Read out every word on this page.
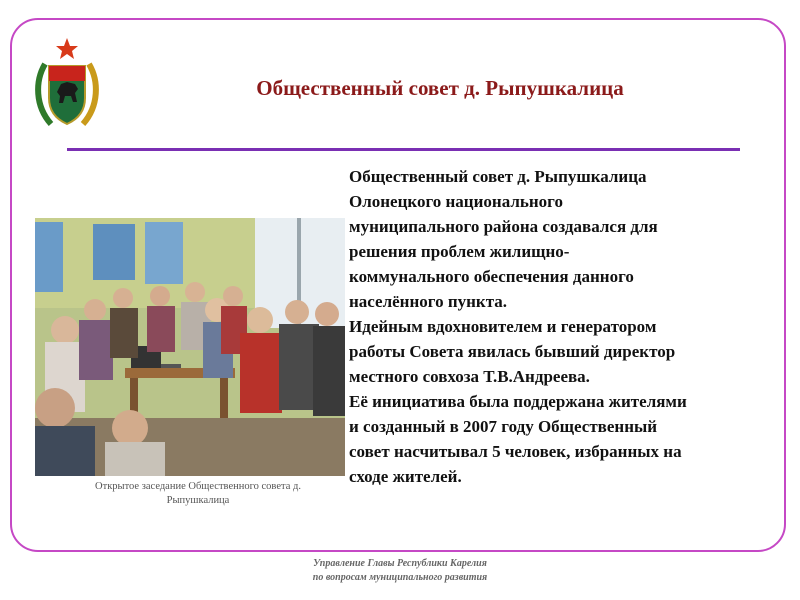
Общественный совет д. Рыпушкалица
Открытое заседание Общественного совета д. Рыпушкалица
Общественный совет д. Рыпушкалица
Олонецкого национального
муниципального района создавался для
решения проблем жилищно-
коммунального обеспечения данного
населённого пункта.
Идейным вдохновителем и генератором
работы Совета явилась бывший директор
местного совхоза Т.В.Андреева.
Её инициатива была поддержана жителями
и созданный в 2007 году Общественный
совет насчитывал 5 человек, избранных на
сходе жителей.
Управление Главы Республики Карелия
по вопросам муниципального развития
